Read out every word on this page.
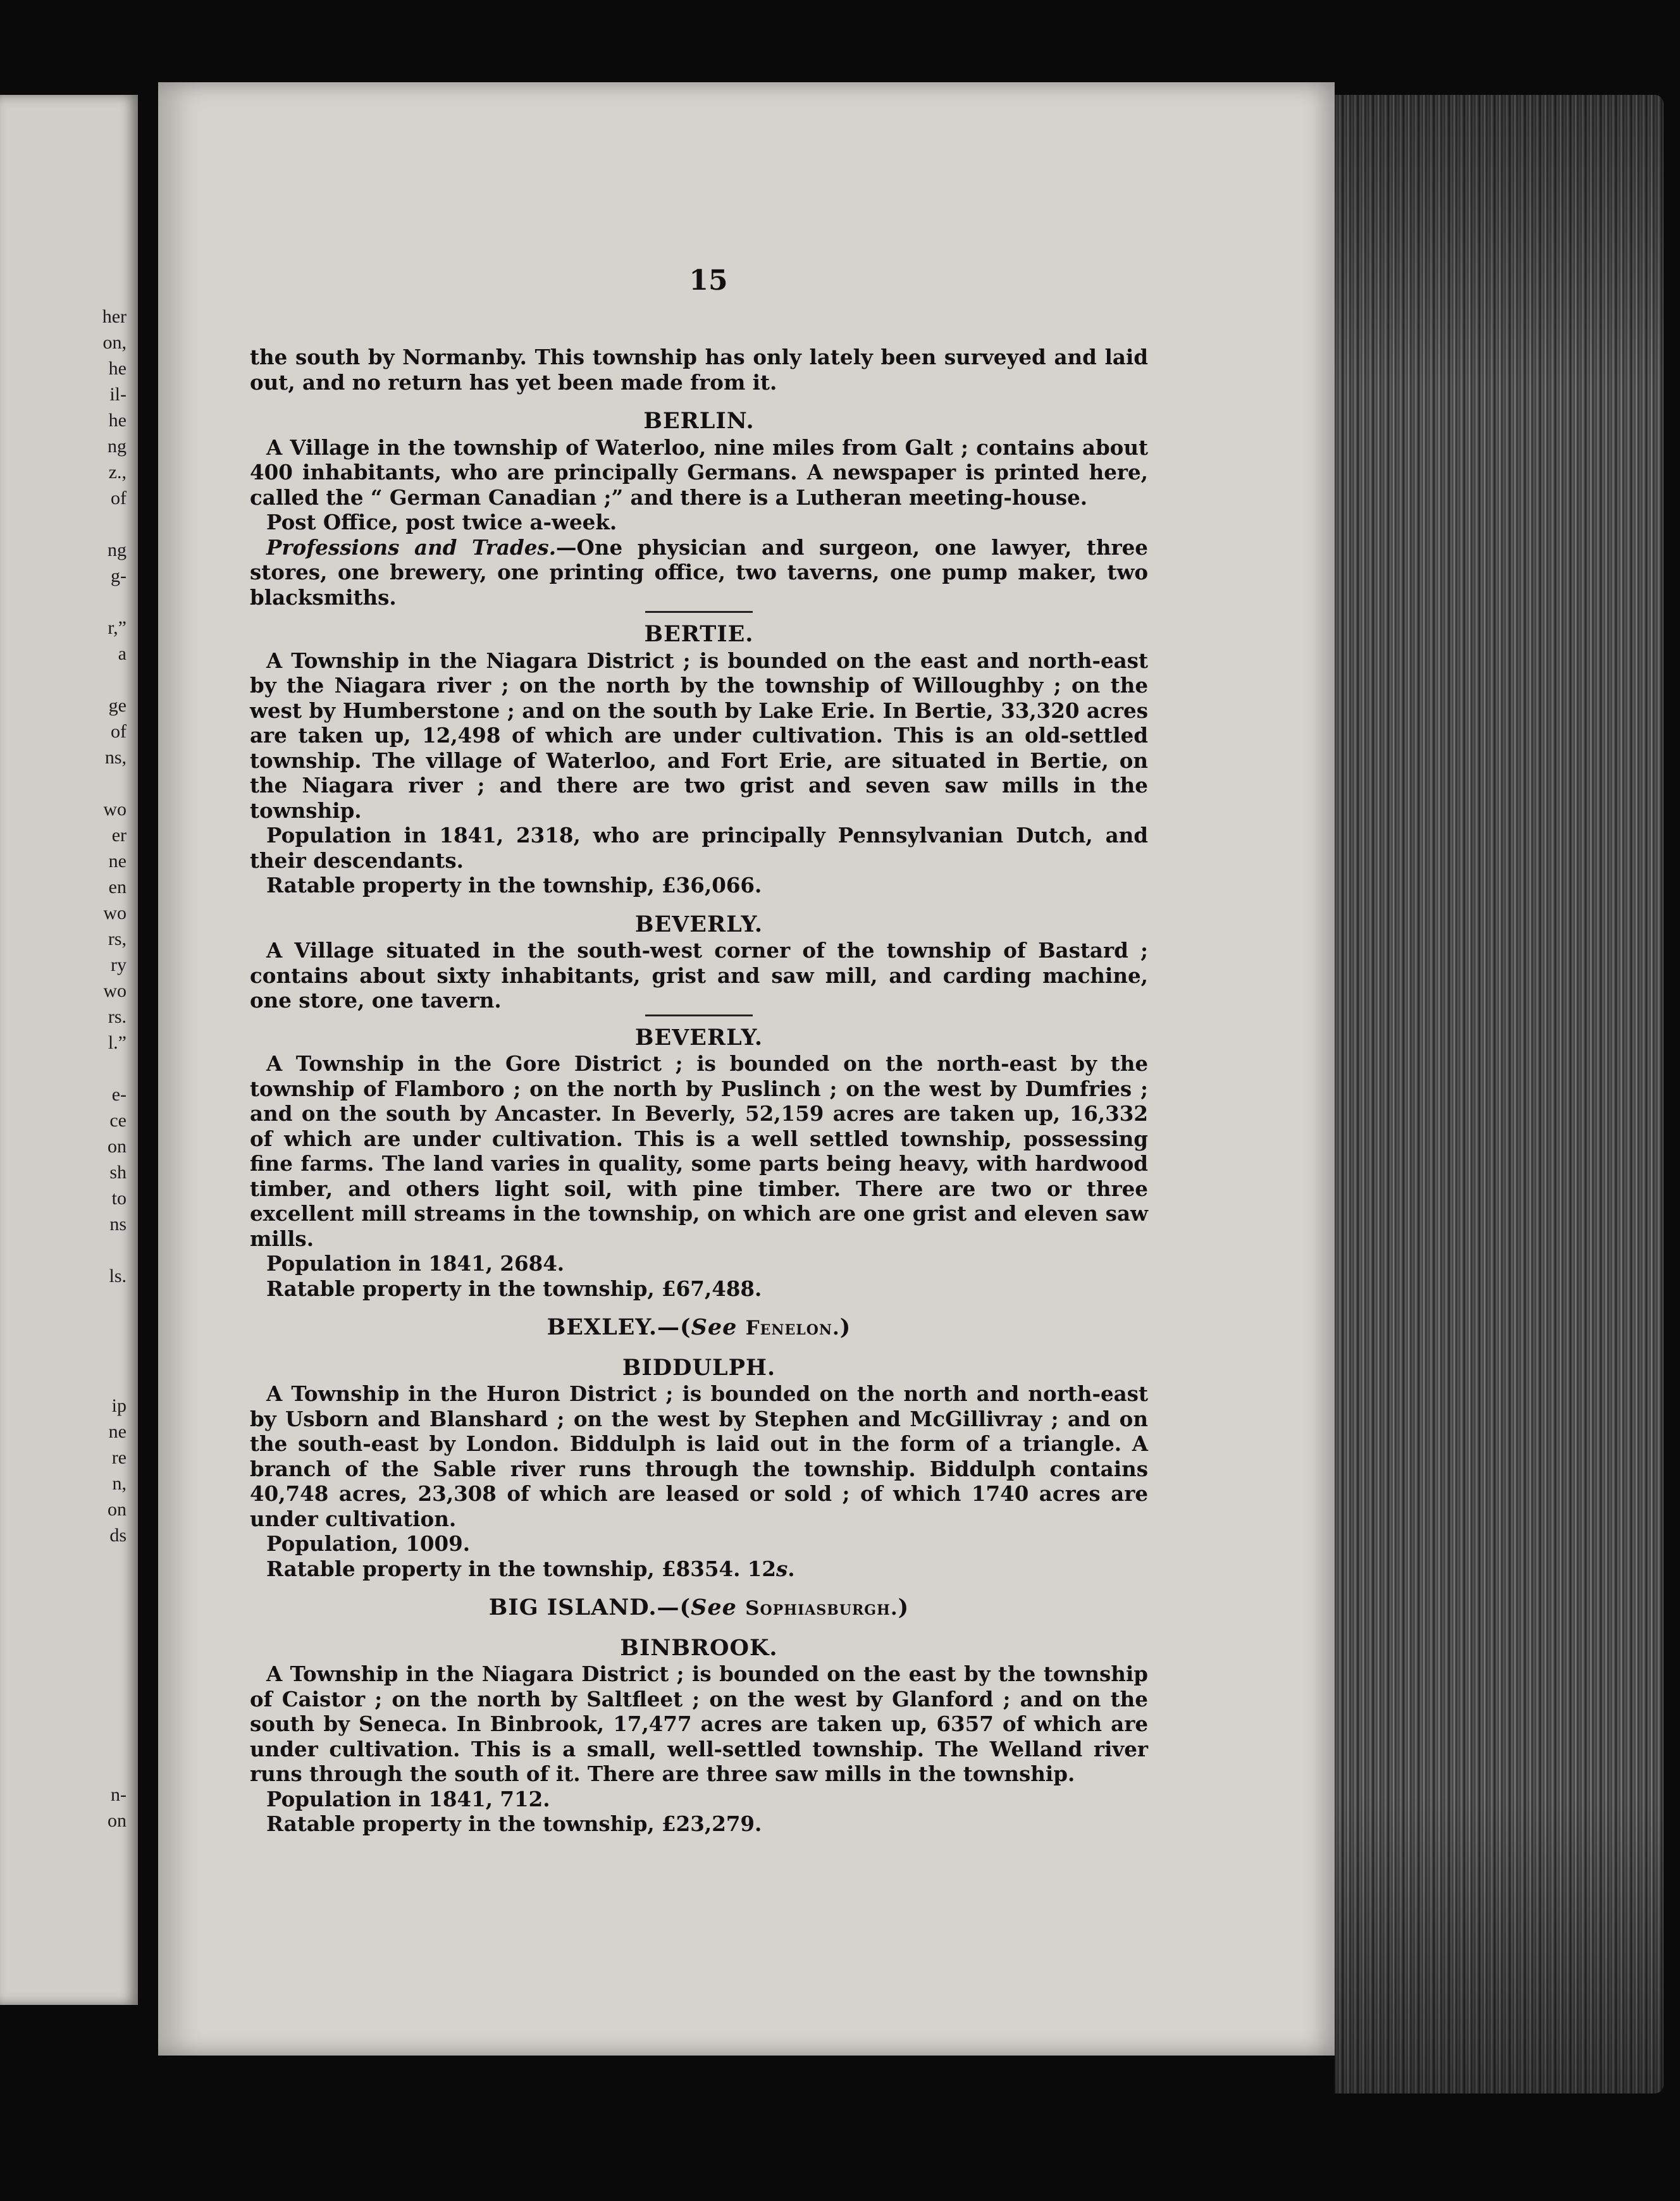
her
on,
he
il-
he
ng
z.,
of
ng
g-
r,”
a
ge
of
ns,
wo
er
ne
en
wo
rs,
ry
wo
rs.
l.”
e-
ce
on
sh
to
ns
ls.
ip
ne
re
n,
on
ds
n-
on
15

the south by Normanby. This township has only lately been surveyed and laid out, and no return has yet been made from it.

BERLIN.

A Village in the township of Waterloo, nine miles from Galt ; contains about 400 inhabitants, who are principally Germans. A newspaper is printed here, called the “ German Canadian ;” and there is a Lutheran meeting-house.

Post Office, post twice a-week.

Professions and Trades.—One physician and surgeon, one lawyer, three stores, one brewery, one printing office, two taverns, one pump maker, two blacksmiths.

BERTIE.

A Township in the Niagara District ; is bounded on the east and north-east by the Niagara river ; on the north by the township of Willoughby ; on the west by Humberstone ; and on the south by Lake Erie. In Bertie, 33,320 acres are taken up, 12,498 of which are under cultivation. This is an old-settled township. The village of Waterloo, and Fort Erie, are situated in Bertie, on the Niagara river ; and there are two grist and seven saw mills in the township.

Population in 1841, 2318, who are principally Pennsylvanian Dutch, and their descendants.

Ratable property in the township, £36,066.

BEVERLY.

A Village situated in the south-west corner of the township of Bastard ; contains about sixty inhabitants, grist and saw mill, and carding machine, one store, one tavern.

BEVERLY.

A Township in the Gore District ; is bounded on the north-east by the township of Flamboro ; on the north by Puslinch ; on the west by Dumfries ; and on the south by Ancaster. In Beverly, 52,159 acres are taken up, 16,332 of which are under cultivation. This is a well settled township, possessing fine farms. The land varies in quality, some parts being heavy, with hardwood timber, and others light soil, with pine timber. There are two or three excellent mill streams in the township, on which are one grist and eleven saw mills.

Population in 1841, 2684.

Ratable property in the township, £67,488.

BEXLEY.—(See Fenelon.)
BIDDULPH.

A Township in the Huron District ; is bounded on the north and north-east by Usborn and Blanshard ; on the west by Stephen and McGillivray ; and on the south-east by London. Biddulph is laid out in the form of a triangle. A branch of the Sable river runs through the township. Biddulph contains 40,748 acres, 23,308 of which are leased or sold ; of which 1740 acres are under cultivation.

Population, 1009.

Ratable property in the township, £8354. 12s.

BIG ISLAND.—(See Sophiasburgh.)
BINBROOK.

A Township in the Niagara District ; is bounded on the east by the township of Caistor ; on the north by Saltfleet ; on the west by Glanford ; and on the south by Seneca. In Binbrook, 17,477 acres are taken up, 6357 of which are under cultivation. This is a small, well-settled township. The Welland river runs through the south of it. There are three saw mills in the township.

Population in 1841, 712.

Ratable property in the township, £23,279.
